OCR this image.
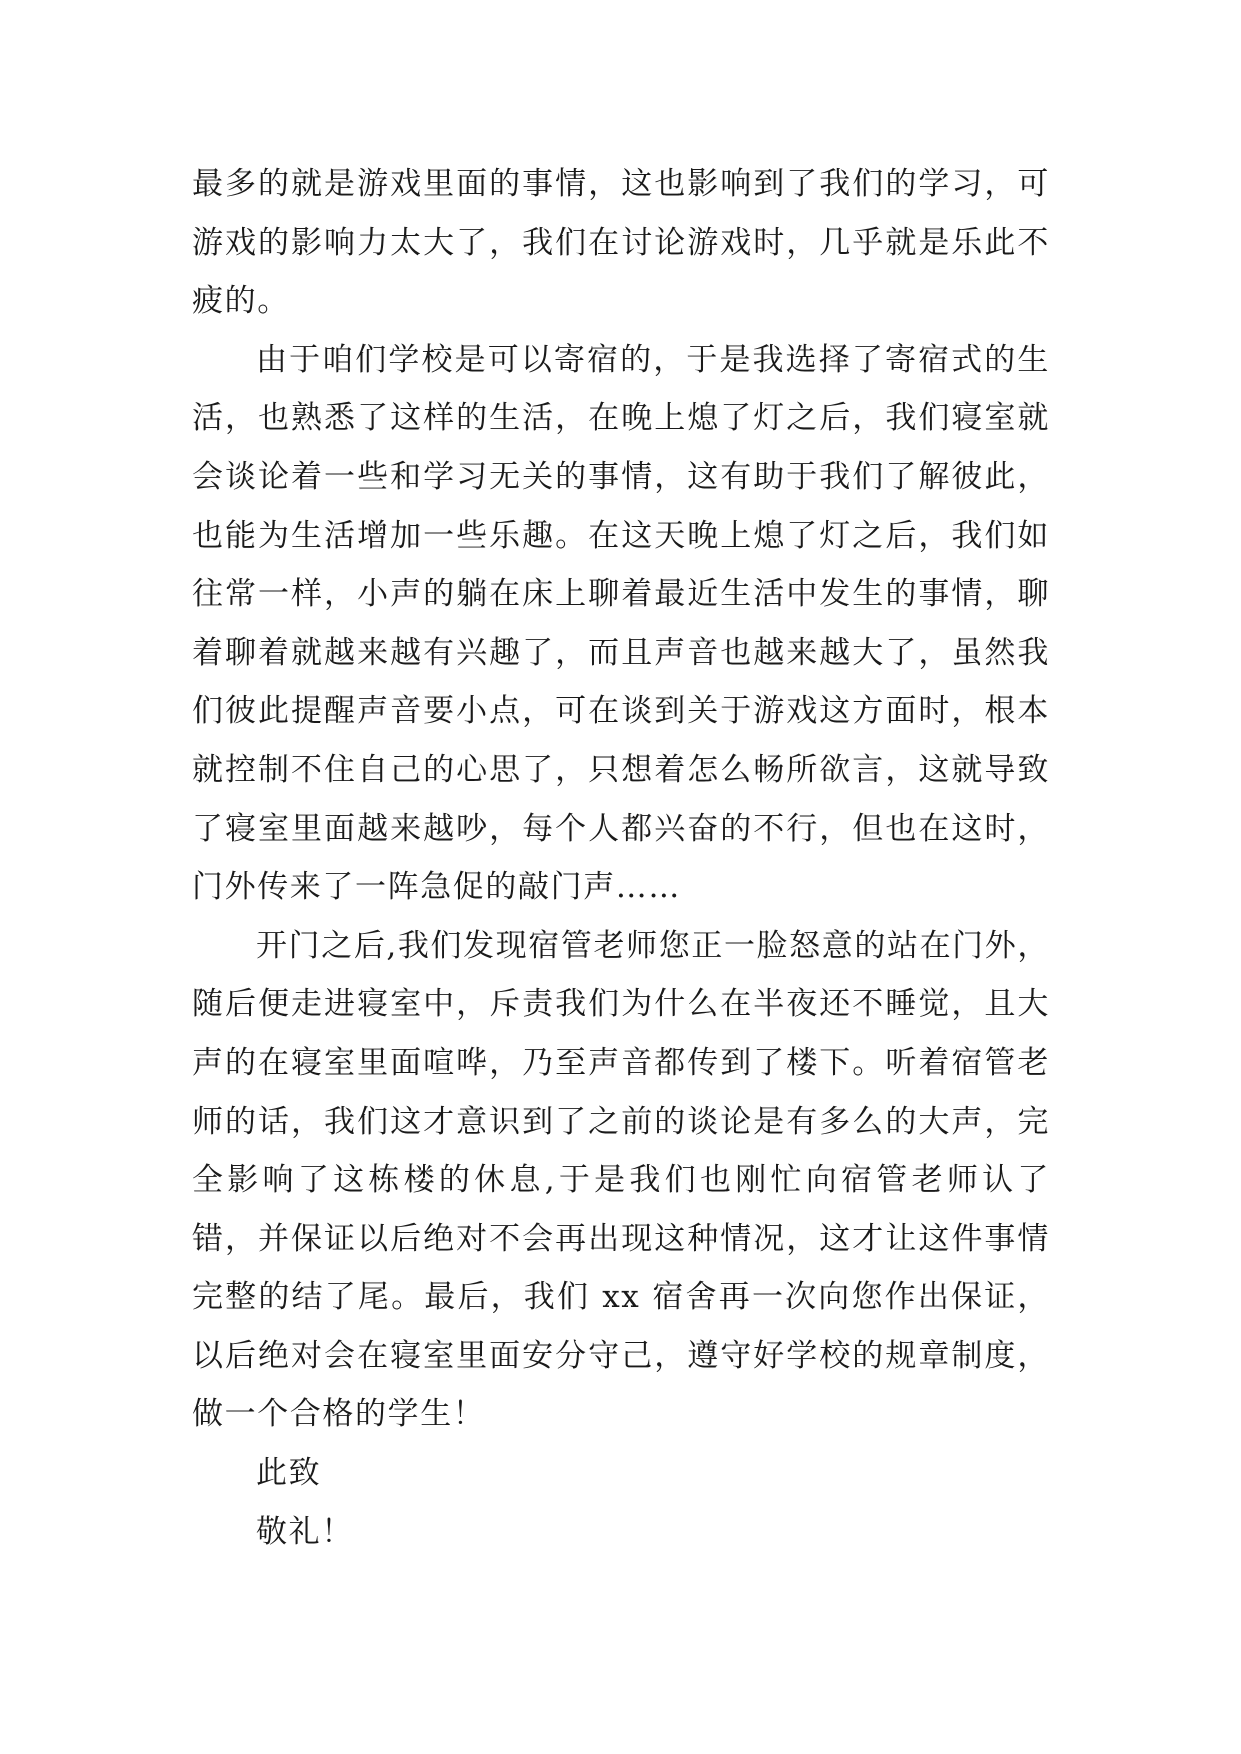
最多的就是游戏里面的事情，这也影响到了我们的学习，可游戏的影响力太大了，我们在讨论游戏时，几乎就是乐此不疲的。

由于咱们学校是可以寄宿的，于是我选择了寄宿式的生活，也熟悉了这样的生活，在晚上熄了灯之后，我们寝室就会谈论着一些和学习无关的事情，这有助于我们了解彼此，也能为生活增加一些乐趣。在这天晚上熄了灯之后，我们如往常一样，小声的躺在床上聊着最近生活中发生的事情，聊着聊着就越来越有兴趣了，而且声音也越来越大了，虽然我们彼此提醒声音要小点，可在谈到关于游戏这方面时，根本就控制不住自己的心思了，只想着怎么畅所欲言，这就导致了寝室里面越来越吵，每个人都兴奋的不行，但也在这时，门外传来了一阵急促的敲门声……

开门之后,我们发现宿管老师您正一脸怒意的站在门外，随后便走进寝室中，斥责我们为什么在半夜还不睡觉，且大声的在寝室里面喧哗，乃至声音都传到了楼下。听着宿管老师的话，我们这才意识到了之前的谈论是有多么的大声，完全影响了这栋楼的休息,于是我们也刚忙向宿管老师认了错，并保证以后绝对不会再出现这种情况，这才让这件事情完整的结了尾。最后，我们 xx 宿舍再一次向您作出保证，以后绝对会在寝室里面安分守己，遵守好学校的规章制度，做一个合格的学生！

此致

敬礼！
